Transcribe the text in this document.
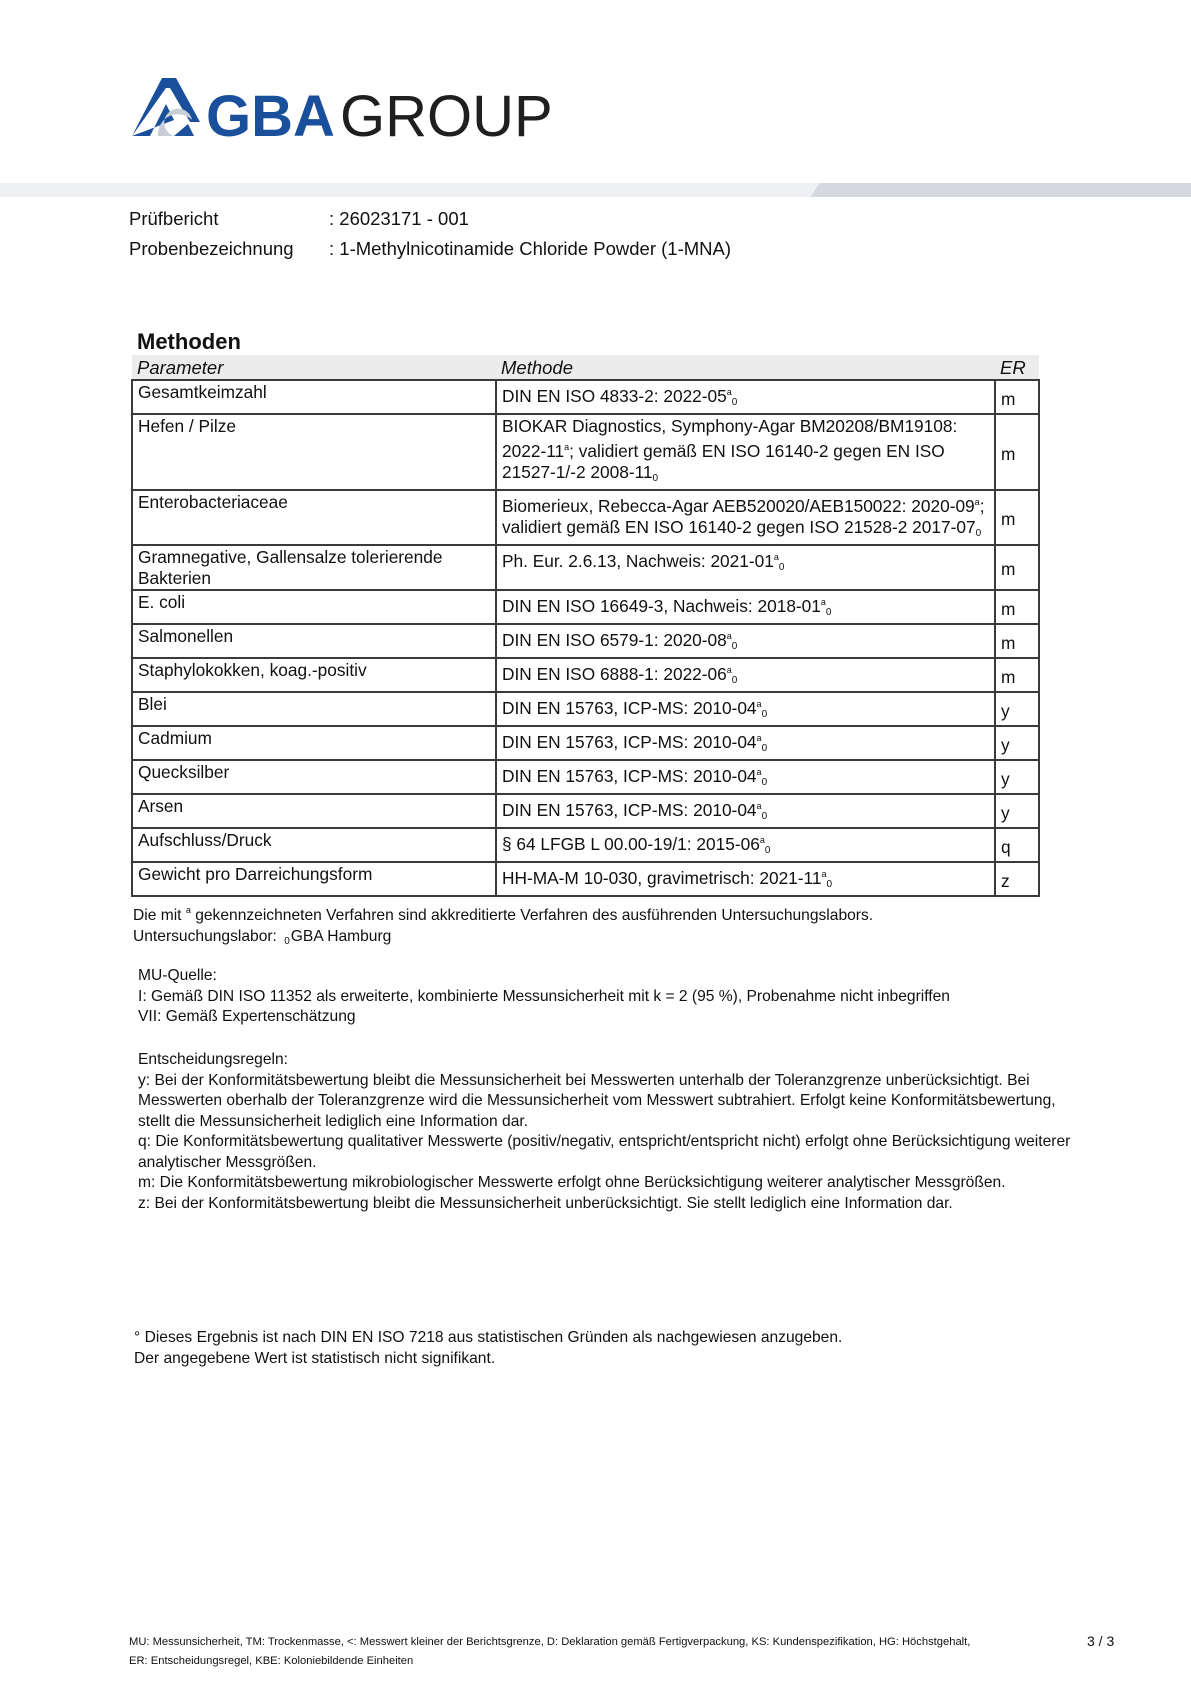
GBA GROUP
Prüfbericht	: 26023171 - 001
Probenbezeichnung : 1-Methylnicotinamide Chloride Powder (1-MNA)
Methoden
Parameter	Methode	ER
Gesamtkeimzahl	DIN EN ISO 4833-2: $2022-05^a_0$	m
Hefen / Pilze	BIOKAR Diagnostics, Symphony-Agar BM20208/BM19108: 2022-11$^a$; validiert gemäß EN ISO 16140-2 gegen EN ISO 21527-1/-2 $2008-11_0$	m
Enterobacteriaceae	Biomerieux, Rebecca-Agar AEB520020/AEB150022: 2020-09$^a$; validiert gemäß EN ISO 16140-2 gegen ISO 21528-2 $2017-07_0$	m
Gramnegative, Gallensalze tolerierende Bakterien	Ph. Eur. 2.6.13, Nachweis: $2021-01^a_0$	m
E. coli	DIN EN ISO 16649-3, Nachweis: $2018-01^a_0$	m
Salmonellen	DIN EN ISO 6579-1: $2020-08^a_0$	m
Staphylokokken, koag.-positiv	DIN EN ISO 6888-1: $2022-06^a_0$	m
Blei	DIN EN 15763, ICP-MS: $2010-04^a_0$	y
Cadmium	DIN EN 15763, ICP-MS: $2010-04^a_0$	y
Quecksilber	DIN EN 15763, ICP-MS: $2010-04^a_0$	y
Arsen	DIN EN 15763, ICP-MS: $2010-04^a_0$	y
Aufschluss/Druck	§ 64 LFGB L 00.00-19/1: $2015-06^a_0$	q
Gewicht pro Darreichungsform	HH-MA-M 10-030, gravimetrisch: $2021-11^a_0$	z

Die mit $^a$ gekennzeichneten Verfahren sind akkreditierte Verfahren des ausführenden Untersuchungslabors.

Untersuchungslabor: 0GBA Hamburg

MU-Quelle:

I: Gemäß DIN ISO 11352 als erweiterte, kombinierte Messunsicherheit mit k = 2 (95 %), Probenahme nicht inbegriffen

VII: Gemäß Expertenschätzung

Entscheidungsregeln:

y: Bei der Konformitätsbewertung bleibt die Messunsicherheit bei Messwerten unterhalb der Toleranzgrenze unberücksichtigt. Bei Messwerten oberhalb der Toleranzgrenze wird die Messunsicherheit vom Messwert subtrahiert. Erfolgt keine Konformitätsbewertung, stellt die Messunsicherheit lediglich eine Information dar.

q: Die Konformitätsbewertung qualitativer Messwerte (positiv/negativ, entspricht/entspricht nicht) erfolgt ohne Berücksichtigung weiterer analytischer Messgrößen.

m: Die Konformitätsbewertung mikrobiologischer Messwerte erfolgt ohne Berücksichtigung weiterer analytischer Messgrößen.

z: Bei der Konformitätsbewertung bleibt die Messunsicherheit unberücksichtigt. Sie stellt lediglich eine Information dar.

° Dieses Ergebnis ist nach DIN EN ISO 7218 aus statistischen Gründen als nachgewiesen anzugeben.

Der angegebene Wert ist statistisch nicht signifikant.

MU: Messunsicherheit, TM: Trockenmasse, <: Messwert kleiner der Berichtsgrenze, D: Deklaration gemäß Fertigverpackung, KS: Kundenspezifikation, HG: Höchstgehalt,
ER: Entscheidungsregel, KBE: Koloniebildende Einheiten
3 / 3
